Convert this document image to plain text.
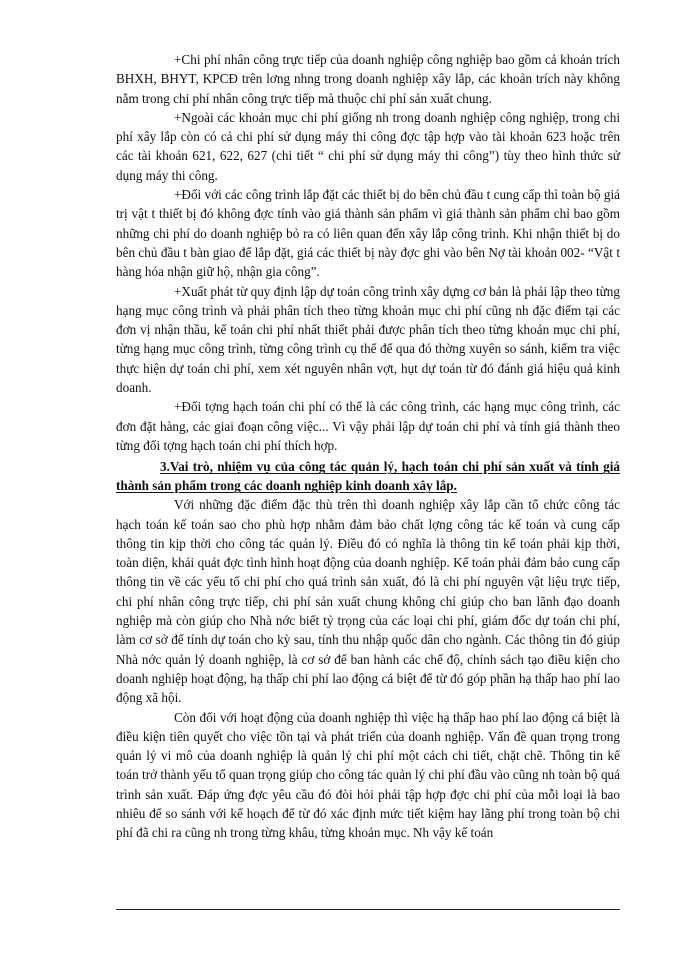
+Chi phí nhân công trực tiếp của doanh nghiệp công nghiệp bao gồm cả khoản trích BHXH, BHYT, KPCĐ trên lơng nhng trong doanh nghiệp xây lắp, các khoản trích này không nằm trong chi phí nhân công trực tiếp mà thuộc chi phí sản xuất chung.

+Ngoài các khoản mục chi phí giống nh trong doanh nghiệp công nghiệp, trong chi phí xây lắp còn có cả chi phí sử dụng máy thi công đợc tập hợp vào tài khoản 623 hoặc trên các tài khoản 621, 622, 627 (chi tiết “ chi phí sử dụng máy thi công”) tùy theo hình thức sử dụng máy thi công.

+Đối với các công trình lắp đặt các thiết bị do bên chủ đầu t cung cấp thì toàn bộ giá trị vật t thiết bị đó không đợc tính vào giá thành sản phẩm vì giá thành sản phẩm chỉ bao gồm những chi phí do doanh nghiệp bỏ ra có liên quan đến xây lắp công trình. Khi nhận thiết bị do bên chủ đầu t bàn giao để lắp đặt, giá các thiết bị này đợc ghi vào bên Nợ tài khoản 002- “Vật t hàng hóa nhận giữ hộ, nhận gia công”.

+Xuất phát từ quy định lập dự toán công trình xây dựng cơ bản là phải lập theo từng hạng mục công trình và phải phân tích theo từng khoản mục chi phí cũng nh đặc điểm tại các đơn vị nhận thầu, kế toán chi phí nhất thiết phải được phân tích theo từng khoản mục chi phí, từng hạng mục công trình, từng công trình cụ thể để qua đó thờng xuyên so sánh, kiểm tra việc thực hiện dự toán chi phí, xem xét nguyên nhân vợt, hụt dự toán từ đó đánh giá hiệu quả kinh doanh.

+Đối tợng hạch toán chi phí có thể là các công trình, các hạng mục công trình, các đơn đặt hàng, các giai đoạn công việc... Vì vậy phải lập dự toán chi phí và tính giá thành theo từng đối tợng hạch toán chi phí thích hợp.

3.Vai trò, nhiệm vụ của công tác quản lý, hạch toán chi phí sản xuất và tính giá thành sản phẩm trong các doanh nghiệp kinh doanh xây lắp.

Với những đặc điểm đặc thù trên thì doanh nghiệp xây lắp cần tổ chức công tác hạch toán kế toán sao cho phù hợp nhằm đảm bảo chất lợng công tác kế toán và cung cấp thông tin kịp thời cho công tác quản lý. Điều đó có nghĩa là thông tin kế toán phải kịp thời, toàn diện, khái quát đợc tình hình hoạt động của doanh nghiệp. Kế toán phải đảm bảo cung cấp thông tin về các yếu tố chi phí cho quá trình sản xuất, đó là chi phí nguyên vật liệu trực tiếp, chi phí nhân công trực tiếp, chi phí sản xuất chung không chỉ giúp cho ban lãnh đạo doanh nghiệp mà còn giúp cho Nhà nớc biết tỷ trọng của các loại chi phí, giám đốc dự toán chi phí, làm cơ sở để tính dự toán cho kỳ sau, tính thu nhập quốc dân cho ngành. Các thông tin đó giúp Nhà nớc quản lý doanh nghiệp, là cơ sở để ban hành các chế độ, chính sách tạo điều kiện cho doanh nghiệp hoạt động, hạ thấp chi phí lao động cá biệt để từ đó góp phần hạ thấp hao phí lao động xã hội.

Còn đối với hoạt động của doanh nghiệp thì việc hạ thấp hao phí lao động cá biệt là điều kiện tiên quyết cho việc tồn tại và phát triển của doanh nghiệp. Vấn đề quan trọng trong quản lý vi mô của doanh nghiệp là quản lý chi phí một cách chi tiết, chặt chẽ. Thông tin kế toán trở thành yếu tố quan trọng giúp cho công tác quản lý chi phí đầu vào cũng nh toàn bộ quá trình sản xuất. Đáp ứng đợc yêu cầu đó đòi hỏi phải tập hợp đợc chi phí của mỗi loại là bao nhiêu để so sánh với kế hoạch để từ đó xác định mức tiết kiệm hay lãng phí trong toàn bộ chi phí đã chi ra cũng nh trong từng khâu, từng khoản mục. Nh vậy kế toán
